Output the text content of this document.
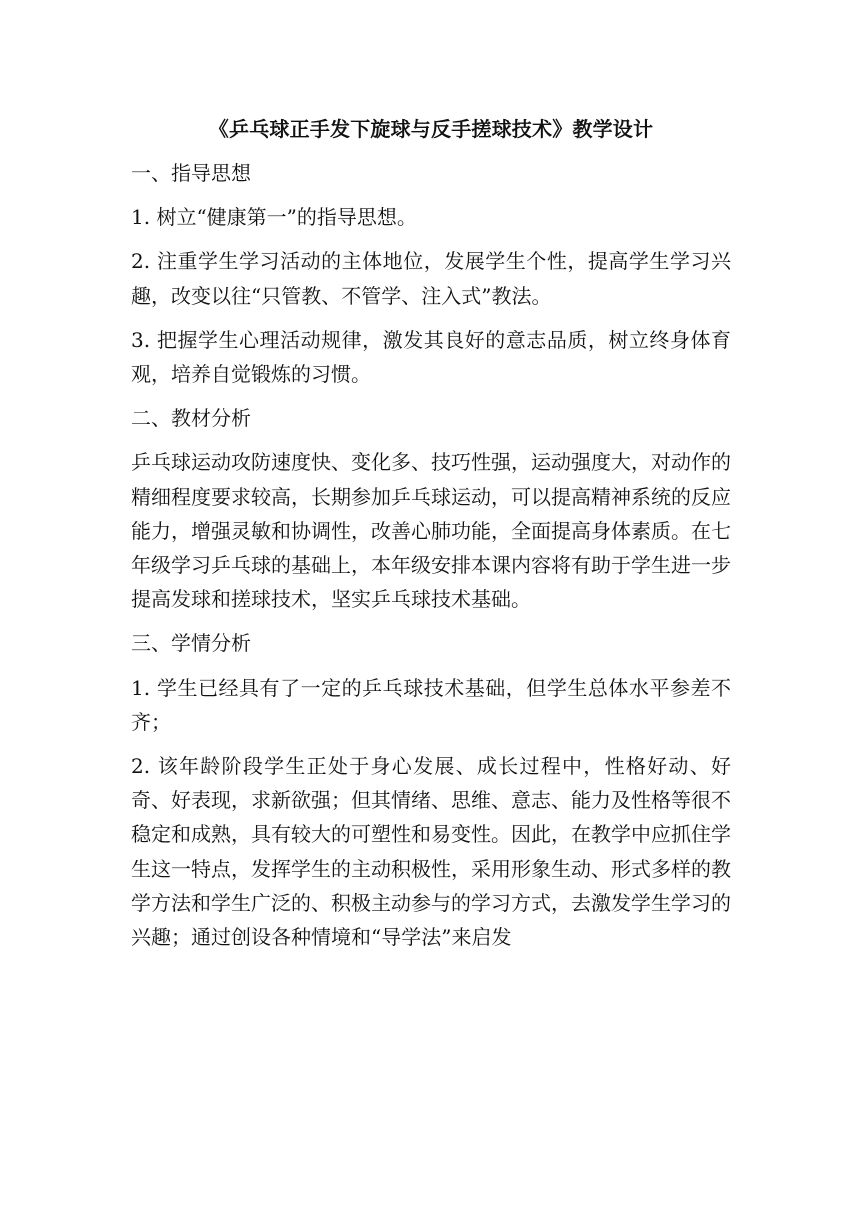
《乒乓球正手发下旋球与反手搓球技术》教学设计

一、指导思想

1. 树立“健康第一”的指导思想。

2. 注重学生学习活动的主体地位，发展学生个性，提高学生学习兴趣，改变以往“只管教、不管学、注入式”教法。

3. 把握学生心理活动规律，激发其良好的意志品质，树立终身体育观，培养自觉锻炼的习惯。

二、教材分析

乒乓球运动攻防速度快、变化多、技巧性强，运动强度大，对动作的精细程度要求较高，长期参加乒乓球运动，可以提高精神系统的反应能力，增强灵敏和协调性，改善心肺功能，全面提高身体素质。在七年级学习乒乓球的基础上，本年级安排本课内容将有助于学生进一步提高发球和搓球技术，坚实乒乓球技术基础。

三、学情分析

1. 学生已经具有了一定的乒乓球技术基础，但学生总体水平参差不齐；

2. 该年龄阶段学生正处于身心发展、成长过程中，性格好动、好奇、好表现，求新欲强；但其情绪、思维、意志、能力及性格等很不稳定和成熟，具有较大的可塑性和易变性。因此，在教学中应抓住学生这一特点，发挥学生的主动积极性，采用形象生动、形式多样的教学方法和学生广泛的、积极主动参与的学习方式，去激发学生学习的兴趣；通过创设各种情境和“导学法”来启发
